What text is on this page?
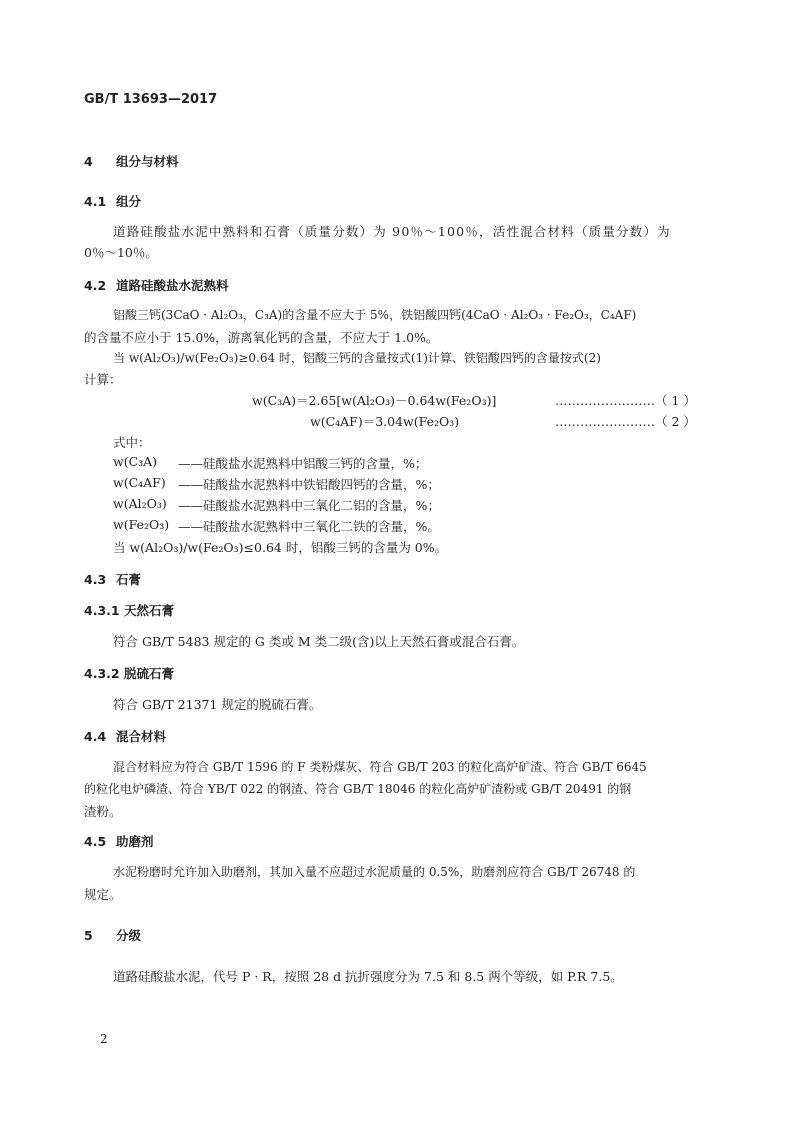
GB/T 13693—2017
4 组分与材料
4.1 组分
道路硅酸盐水泥中熟料和石膏（质量分数）为 90％～100％，活性混合材料（质量分数）为
0％～10％。
4.2 道路硅酸盐水泥熟料
铝酸三钙(3CaO · Al₂O₃，C₃A)的含量不应大于 5%，铁铝酸四钙(4CaO · Al₂O₃ · Fe₂O₃，C₄AF)
的含量不应小于 15.0%，游离氧化钙的含量，不应大于 1.0%。
当 w(Al₂O₃)/w(Fe₂O₃)≥0.64 时，铝酸三钙的含量按式(1)计算、铁铝酸四钙的含量按式(2)
计算：
w(C₃A)＝2.65[w(Al₂O₃)－0.64w(Fe₂O₃)]	……………………（ 1 ）
w(C₄AF)＝3.04w(Fe₂O₃)	……………………（ 2 ）
式中：
w(C₃A)	——硅酸盐水泥熟料中铝酸三钙的含量，%；
w(C₄AF) ——硅酸盐水泥熟料中铁铝酸四钙的含量，%；
w(Al₂O₃) ——硅酸盐水泥熟料中三氧化二铝的含量，%；
w(Fe₂O₃) ——硅酸盐水泥熟料中三氧化二铁的含量，%。
当 w(Al₂O₃)/w(Fe₂O₃)≤0.64 时，铝酸三钙的含量为 0%。
4.3 石膏
4.3.1 天然石膏
符合 GB/T 5483 规定的 G 类或 M 类二级(含)以上天然石膏或混合石膏。
4.3.2 脱硫石膏
符合 GB/T 21371 规定的脱硫石膏。
4.4 混合材料
混合材料应为符合 GB/T 1596 的 F 类粉煤灰、符合 GB/T 203 的粒化高炉矿渣、符合 GB/T 6645
的粒化电炉磷渣、符合 YB/T 022 的钢渣、符合 GB/T 18046 的粒化高炉矿渣粉或 GB/T 20491 的钢
渣粉。
4.5 助磨剂
水泥粉磨时允许加入助磨剂，其加入量不应超过水泥质量的 0.5%，助磨剂应符合 GB/T 26748 的
规定。
5 分级
道路硅酸盐水泥，代号 P · R，按照 28 d 抗折强度分为 7.5 和 8.5 两个等级，如 P.R 7.5。
2
